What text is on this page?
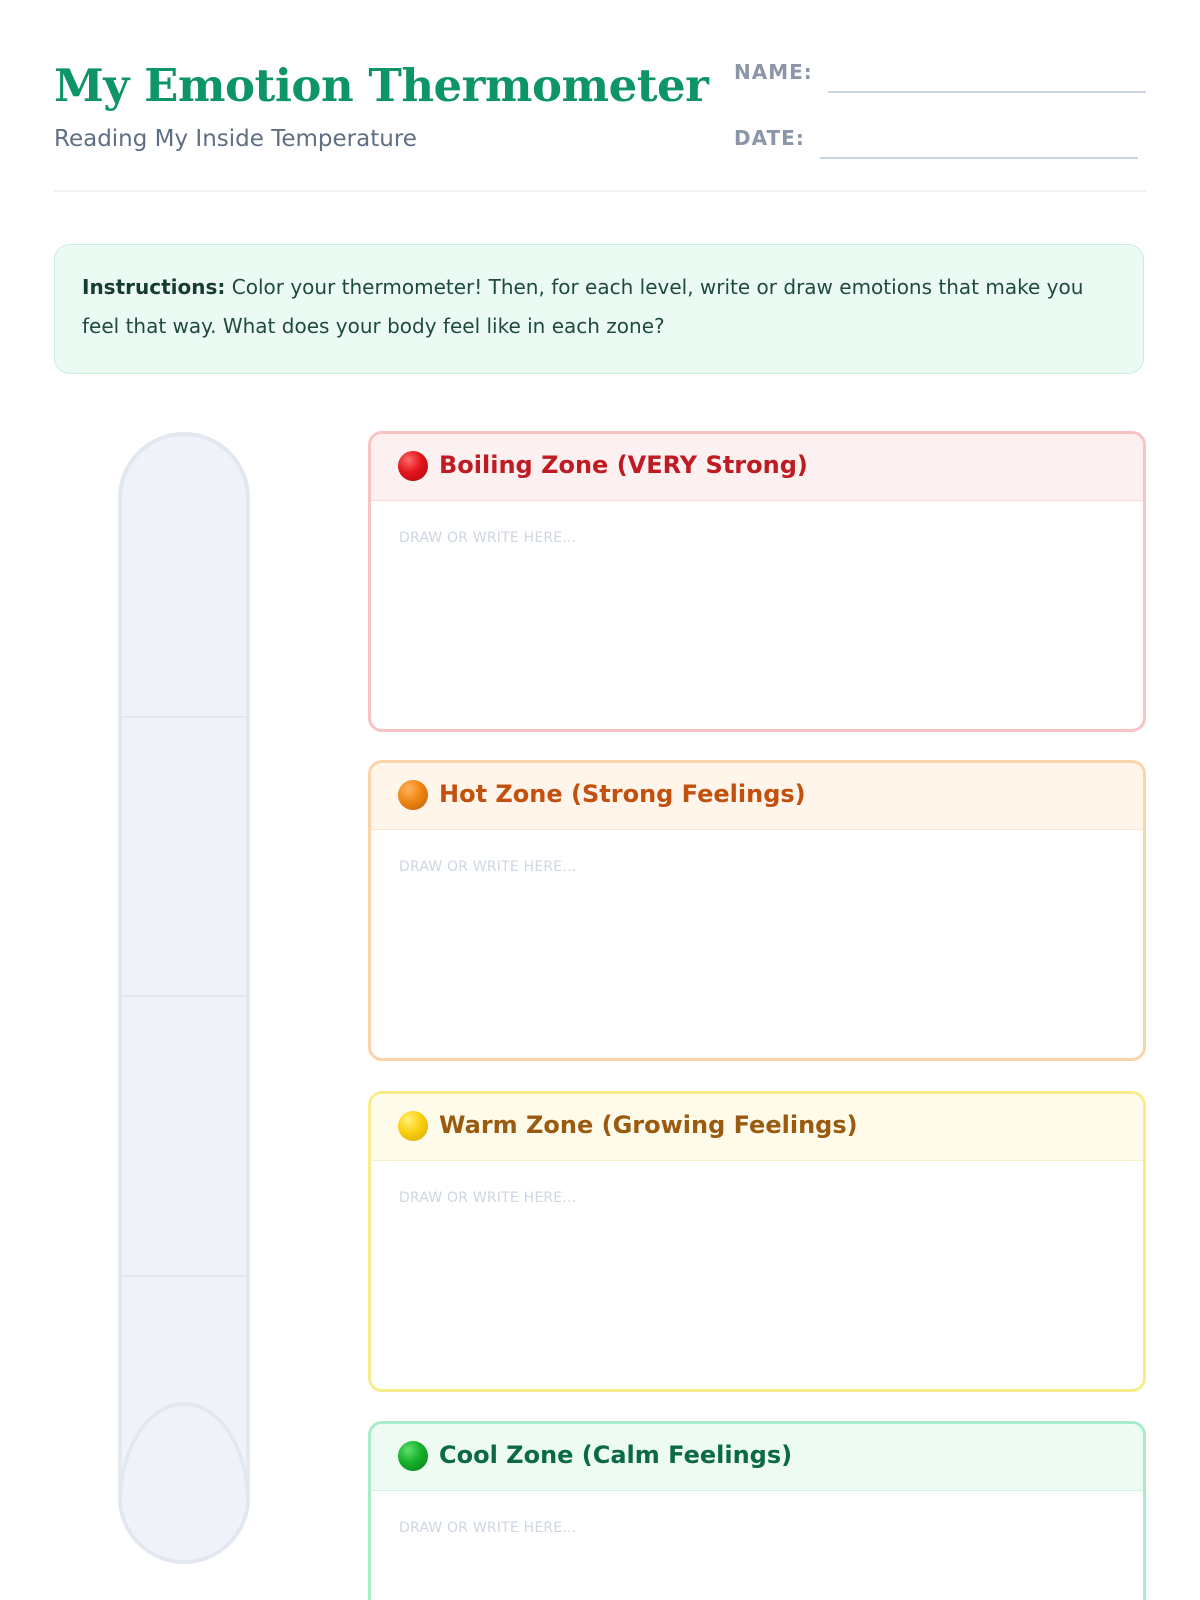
My Emotion Thermometer
Reading My Inside Temperature
NAME:
DATE:
Instructions: Color your thermometer! Then, for each level, write or draw emotions that make you feel that way. What does your body feel like in each zone?
Boiling Zone (VERY Strong)
DRAW OR WRITE HERE...
Hot Zone (Strong Feelings)
DRAW OR WRITE HERE...
Warm Zone (Growing Feelings)
DRAW OR WRITE HERE...
Cool Zone (Calm Feelings)
DRAW OR WRITE HERE...
